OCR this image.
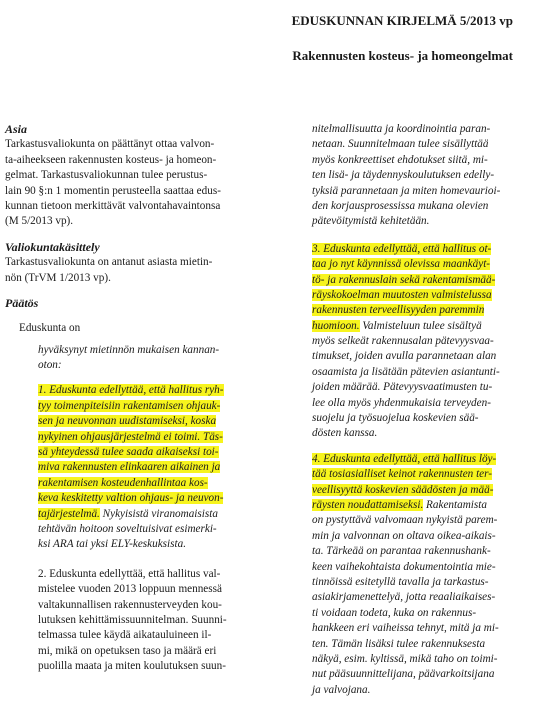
EDUSKUNNAN KIRJELMÄ 5/2013 vp
Rakennusten kosteus- ja homeongelmat
Asia
Tarkastusvaliokunta on päättänyt ottaa valvon-
ta-aiheekseen rakennusten kosteus- ja homeon-
gelmat. Tarkastusvaliokunnan tulee perustus-
lain 90 §:n 1 momentin perusteella saattaa edus-
kunnan tietoon merkittävät valvontahavaintonsa
(M 5/2013 vp).
Valiokuntakäsittely
Tarkastusvaliokunta on antanut asiasta mietin-
nön (TrVM 1/2013 vp).
Päätös
Eduskunta on
hyväksynyt mietinnön mukaisen kannan-
oton:
1. Eduskunta edellyttää, että hallitus ryh-
tyy toimenpiteisiin rakentamisen ohjauk-
sen ja neuvonnan uudistamiseksi, koska
nykyinen ohjausjärjestelmä ei toimi. Täs-
sä yhteydessä tulee saada aikaiseksi toi-
miva rakennusten elinkaaren aikainen ja
rakentamisen kosteudenhallintaa kos-
keva keskitetty valtion ohjaus- ja neuvon-
tajärjestelmä. Nykyisistä viranomaisista
tehtävän hoitoon soveltuisivat esimerki-
ksi ARA tai yksi ELY-keskuksista.
2. Eduskunta edellyttää, että hallitus val-
mistelee vuoden 2013 loppuun mennessä
valtakunnallisen rakennusterveyden kou-
lutuksen kehittämissuunnitelman. Suunni-
telmassa tulee käydä aikatauluineen il-
mi, mikä on opetuksen taso ja määrä eri
puolilla maata ja miten koulutuksen suun-
nitelmallisuutta ja koordinointia paran-
netaan. Suunnitelmaan tulee sisällyttää
myös konkreettiset ehdotukset siitä, mi-
ten lisä- ja täydennyskoulutuksen edelly-
tyksiä parannetaan ja miten homevaurioi-
den korjausprosessissa mukana olevien
pätevöitymistä kehitetään.
3. Eduskunta edellyttää, että hallitus ot-
taa jo nyt käynnissä olevissa maankäyt-
tö- ja rakennuslain sekä rakentamismää-
räyskokoelman muutosten valmistelussa
rakennusten terveellisyyden paremmin
huomioon. Valmisteluun tulee sisältyä
myös selkeät rakennusalan pätevyysvaa-
timukset, joiden avulla parannetaan alan
osaamista ja lisätään pätevien asiantunti-
joiden määrää. Pätevyysvaatimusten tu-
lee olla myös yhdenmukaisia terveyden-
suojelu ja työsuojelua koskevien sää-
dösten kanssa.
4. Eduskunta edellyttää, että hallitus löy-
tää tosiasialliset keinot rakennusten ter-
veellisyyttä koskevien säädösten ja mää-
räysten noudattamiseksi. Rakentamista
on pystyttävä valvomaan nykyistä parem-
min ja valvonnan on oltava oikea-aikais-
ta. Tärkeää on parantaa rakennushank-
keen vaihekohtaista dokumentointia mie-
tinnöissä esitetyllä tavalla ja tarkastus-
asiakirjamenettelyä, jotta reaaliaikaises-
ti voidaan todeta, kuka on rakennus-
hankkeen eri vaiheissa tehnyt, mitä ja mi-
ten. Tämän lisäksi tulee rakennuksesta
näkyä, esim. kyltissä, mikä taho on toimi-
nut pääsuunnittelijana, päävarkoitsijana
ja valvojana.
